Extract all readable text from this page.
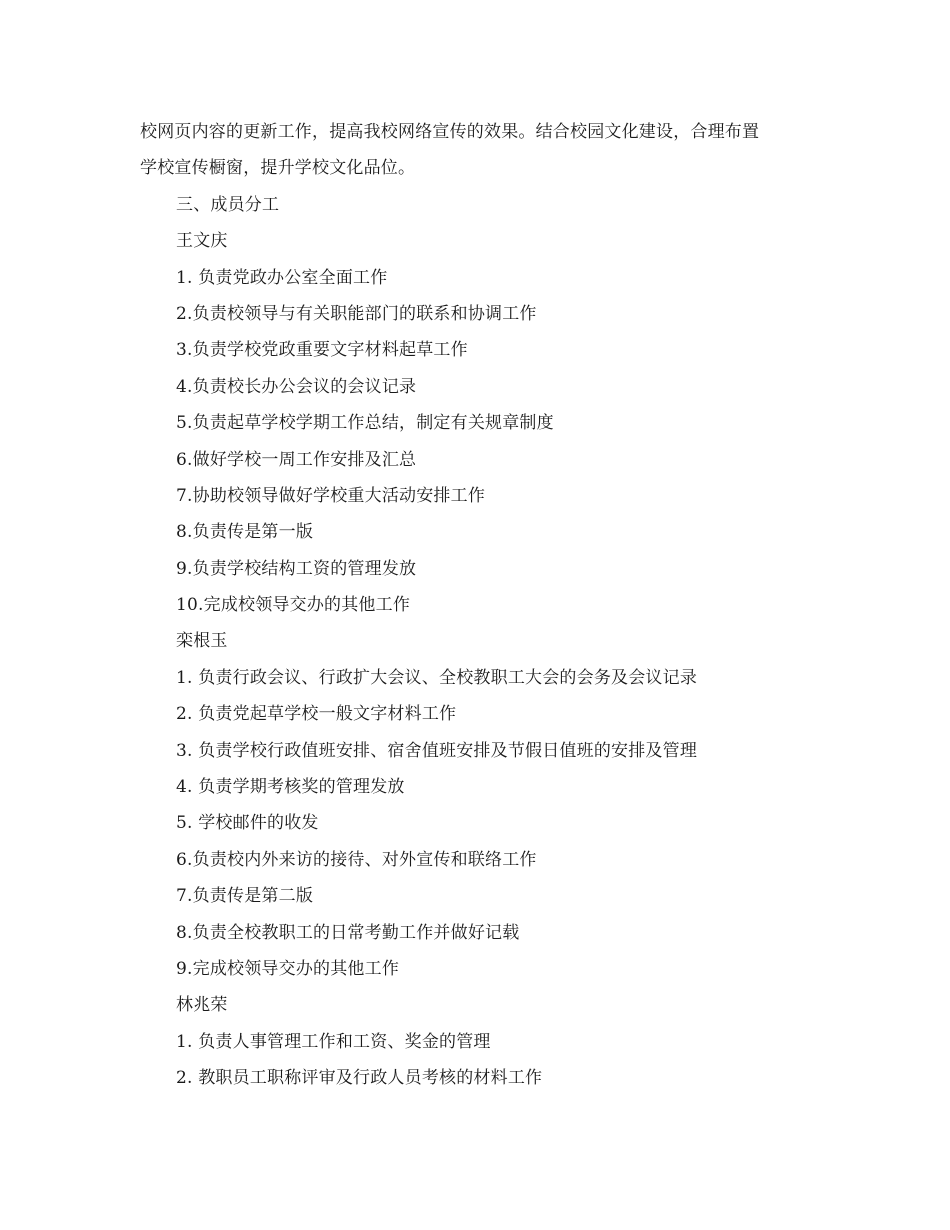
校网页内容的更新工作，提高我校网络宣传的效果。结合校园文化建设，合理布置
学校宣传橱窗，提升学校文化品位。
三、成员分工
王文庆
1. 负责党政办公室全面工作
2.负责校领导与有关职能部门的联系和协调工作
3.负责学校党政重要文字材料起草工作
4.负责校长办公会议的会议记录
5.负责起草学校学期工作总结，制定有关规章制度
6.做好学校一周工作安排及汇总
7.协助校领导做好学校重大活动安排工作
8.负责传是第一版
9.负责学校结构工资的管理发放
10.完成校领导交办的其他工作
栾根玉
1. 负责行政会议、行政扩大会议、全校教职工大会的会务及会议记录
2. 负责党起草学校一般文字材料工作
3. 负责学校行政值班安排、宿舍值班安排及节假日值班的安排及管理
4. 负责学期考核奖的管理发放
5. 学校邮件的收发
6.负责校内外来访的接待、对外宣传和联络工作
7.负责传是第二版
8.负责全校教职工的日常考勤工作并做好记载
9.完成校领导交办的其他工作
林兆荣
1. 负责人事管理工作和工资、奖金的管理
2. 教职员工职称评审及行政人员考核的材料工作
